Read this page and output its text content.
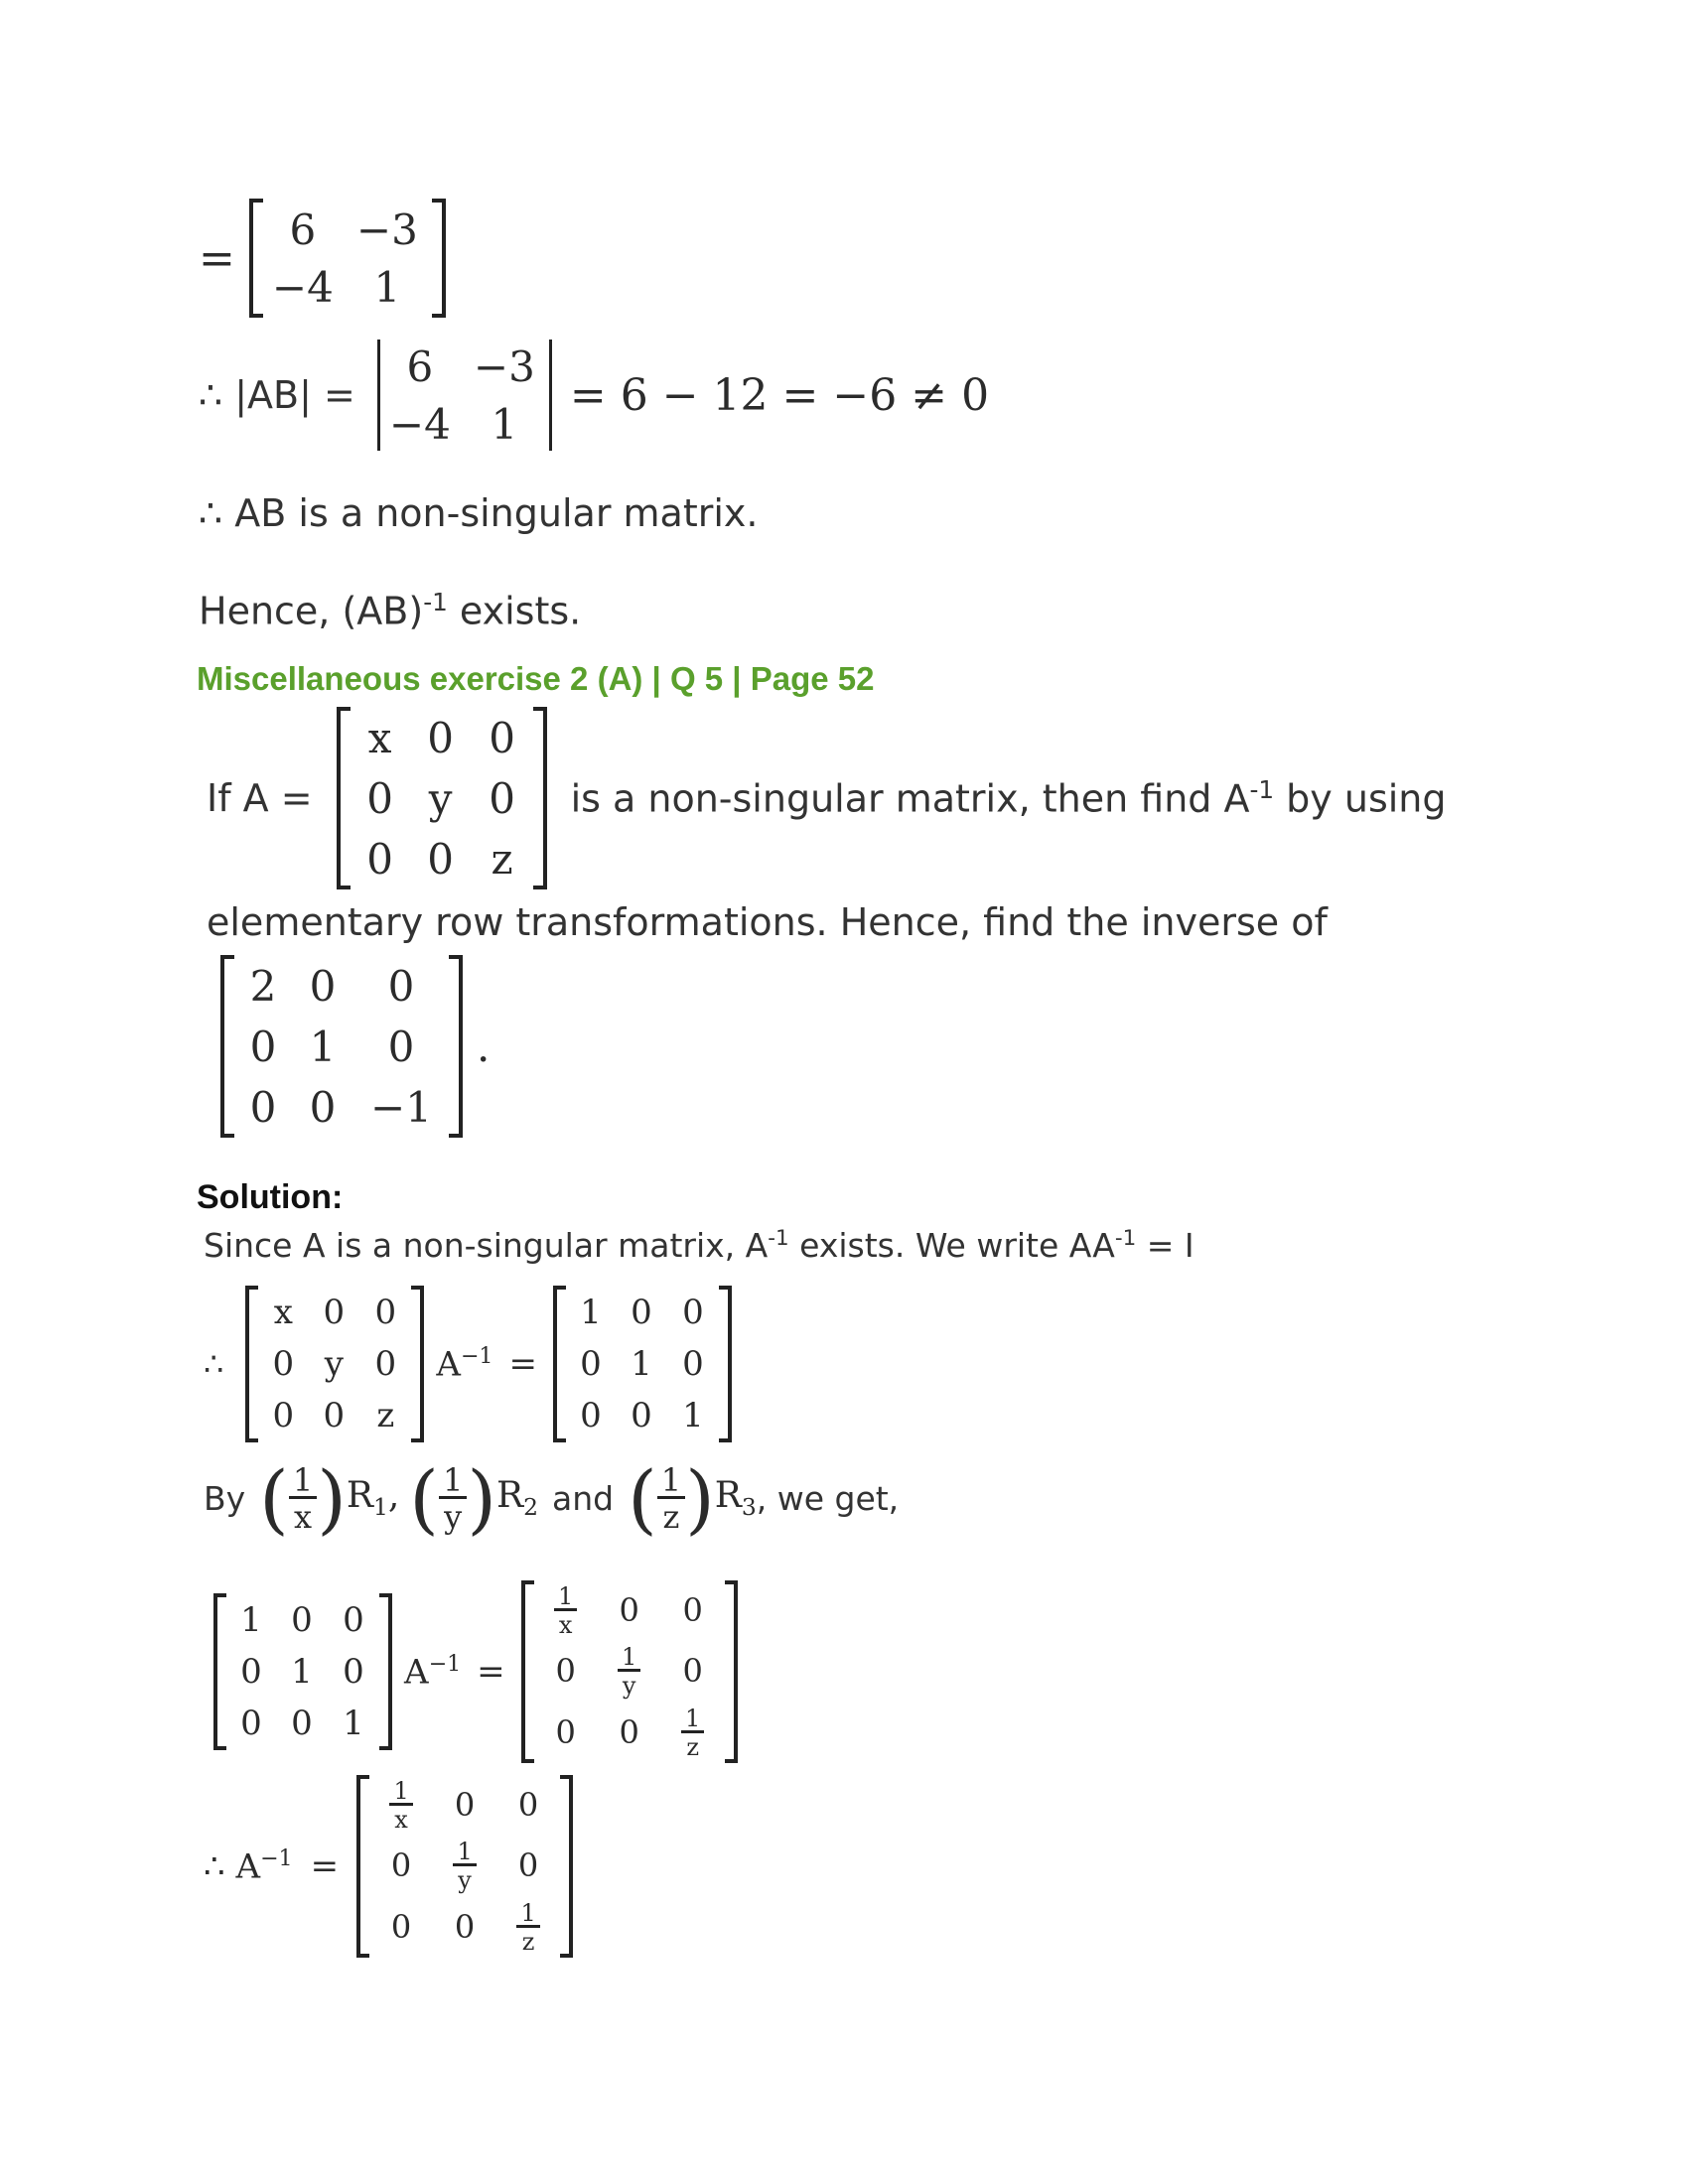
=
6 −3
−4 1
∴ |AB| =
6 −3
−4 1
= 6 − 12 = −6 ≠ 0
∴ AB is a non-singular matrix.
Hence, (AB)$^{-1}$ exists.
Miscellaneous exercise 2 (A) | Q 5 | Page 52
If A =
x 0 0
0 y 0
0 0 z
is a non-singular matrix, then find $A^{-1}$ by using
elementary row transformations. Hence, find the inverse of
2 0 0
0 1 0
0 0 −1
.
Solution:
Since A is a non-singular matrix, $A^{-1}$ exists. We write $AA^{-1} = I$
∴
x 0 0
0 y 0
0 0 z
$A^{-1}$ =
1 0 0
0 1 0
0 0 1
By ( $\frac{1}{x}$ ) $R_1$, ( $\frac{1}{y}$ ) $R_2$ and ( $\frac{1}{z}$ ) $R_3$ , we get,
1 0 0
0 1 0
0 0 1
$A^{-1}$ =
$\frac{1}{x} 0$ 0
$0 \frac{1}{y} 0$
0 $0 \frac{1}{z}$
∴ $A^{-1}$ =
$\frac{1}{x} 0$ 0
$0 \frac{1}{y} 0$
0 $0 \frac{1}{z}$
